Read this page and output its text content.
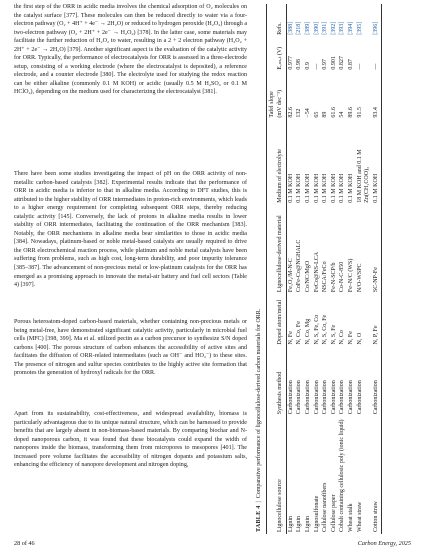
the first step of the ORR in acidic media involves the chemical adsorption of O₂ molecules on the catalyst surface [377]. These molecules can then be reduced directly to water via a four-electron pathway (O₂ + 4H⁺ + 4e⁻ → 2H₂O) or reduced to hydrogen peroxide (H₂O₂) through a two-electron pathway (O₂ + 2H⁺ + 2e⁻ → H₂O₂) [378]. In the latter case, some materials may facilitate the further reduction of H₂O₂ to water, resulting in a 2 + 2 electron pathway (H₂O₂ + 2H⁺ + 2e⁻ → 2H₂O) [379]. Another significant aspect is the evaluation of the catalytic activity for ORR. Typically, the performance of electrocatalysts for ORR is assessed in a three-electrode setup, consisting of a working electrode (where the electrocatalyst is deposited), a reference electrode, and a counter electrode [380]. The electrolyte used for studying the redox reaction can be either alkaline (commonly 0.1 M KOH) or acidic (usually 0.5 M H₂SO₄ or 0.1 M HClO₄), depending on the medium used for characterizing the electrocatalyst [381].

There have been some studies investigating the impact of pH on the ORR activity of non-metallic carbon-based catalysts [382]. Experimental results indicate that the performance of ORR in acidic media is inferior to that in alkaline media. According to DFT studies, this is attributed to the higher stability of ORR intermediates in proton-rich environments, which leads to a higher energy requirement for completing subsequent ORR steps, thereby reducing catalytic activity [145]. Conversely, the lack of protons in alkaline media results in lower stability of ORR intermediates, facilitating the continuation of the ORR mechanism [383]. Notably, the ORR mechanisms in alkaline media bear similarities to those in acidic media [384]. Nowadays, platinum-based or noble metal-based catalysts are usually required to drive the ORR electrochemical reaction process, while platinum and noble metal catalysts have been suffering from problems, such as high cost, long-term durability, and poor impurity tolerance [385–387]. The advancement of non-precious metal or low-platinum catalysts for the ORR has emerged as a promising approach to innovate the metal-air battery and fuel cell sectors (Table 4) [397].

Porous heteroatom-doped carbon-based materials, whether containing non-precious metals or being metal-free, have demonstrated significant catalytic activity, particularly in microbial fuel cells (MFC) [398, 399]. Ma et al. utilized pectin as a carbon precursor to synthesize S/N doped carbons [400]. The porous structure of carbon enhances the accessibility of active sites and facilitates the diffusion of ORR-related intermediates (such as OH⁻ and HO₂⁻) to these sites. The presence of nitrogen and sulfur species contributes to the highly active site formation that promotes the generation of hydroxyl radicals for the ORR.

Apart from its sustainability, cost-effectiveness, and widespread availability, biomass is particularly advantageous due to its unique natural structure, which can be harnessed to provide benefits that are largely absent in non-biomass-based materials. By comparing biochar and N-doped nanoporous carbon, it was found that these biocatalysts could expand the width of nanopores inside the biomass, transforming them from micropores to mesopores [401]. The increased pore volume facilitates the accessibility of nitrogen dopants and potassium salts, enhancing the efficiency of nanopore development and nitrogen doping,

TABLE 4  |  Comparative performance of lignocellulose-derived carbon materials for ORR.
Lignocellulose source	Synthesis method	Doped atom/metal	Lignocellulose-derived material	Medium of electrolyte	Tafel slope (mV dec⁻¹)	Eₒₙₛₑₜ (V)	Refs.
Lignin	Carbonization	N, Fe	Fe₃O₄/M-N-C	0.1 M KOH	82.6	0.977	[388]
Lignin	Carbonization	N, Co, Fe	CoFe-Co@NGHALC	0.1 M KOH	132	0.98	[218]
Lignin	Carbonization	N, Co, Mg	Co/NC/MgO	0.1 M KOH	−54	0.9	[389]
Lignosulfonate	Carbonization	N, S, Fe, Co	FeCo@NS-LCA	0.1 M KOH	65	—	[390]
Cellulose nanofibers	Carbonization	N, S, Co, Fe	NSCA/FeCo	0.1 M KOH	89	0.97	[391]
Cellulose paper	Carbonization	N, S, Fe	Fe-N-SCP/b	0.1 M KOH	61.6	0.901	[392]
Cobalt containing cellulosic poly (ionic liquid)	Carbonization	N, Co	Co-N-C-850	0.1 M KOH	54	0.827	[393]
Wheat stalk	Carbonization	N, Fe	Fe–N/C (WS)	0.1 M KOH	89.6	0.87	[394]
Wheat straw	Carbonization	N, O	N/O-WSPC	18 M KOH and 0.1 M Zn(CH₃COO)₂	91.5	—	[395]
Cotton straw	Carbonization	N, P, Fe	SC-NP-Fe	0.1 M KOH	93.4	—	[396]
28 of 46	Carbon Energy, 2025
